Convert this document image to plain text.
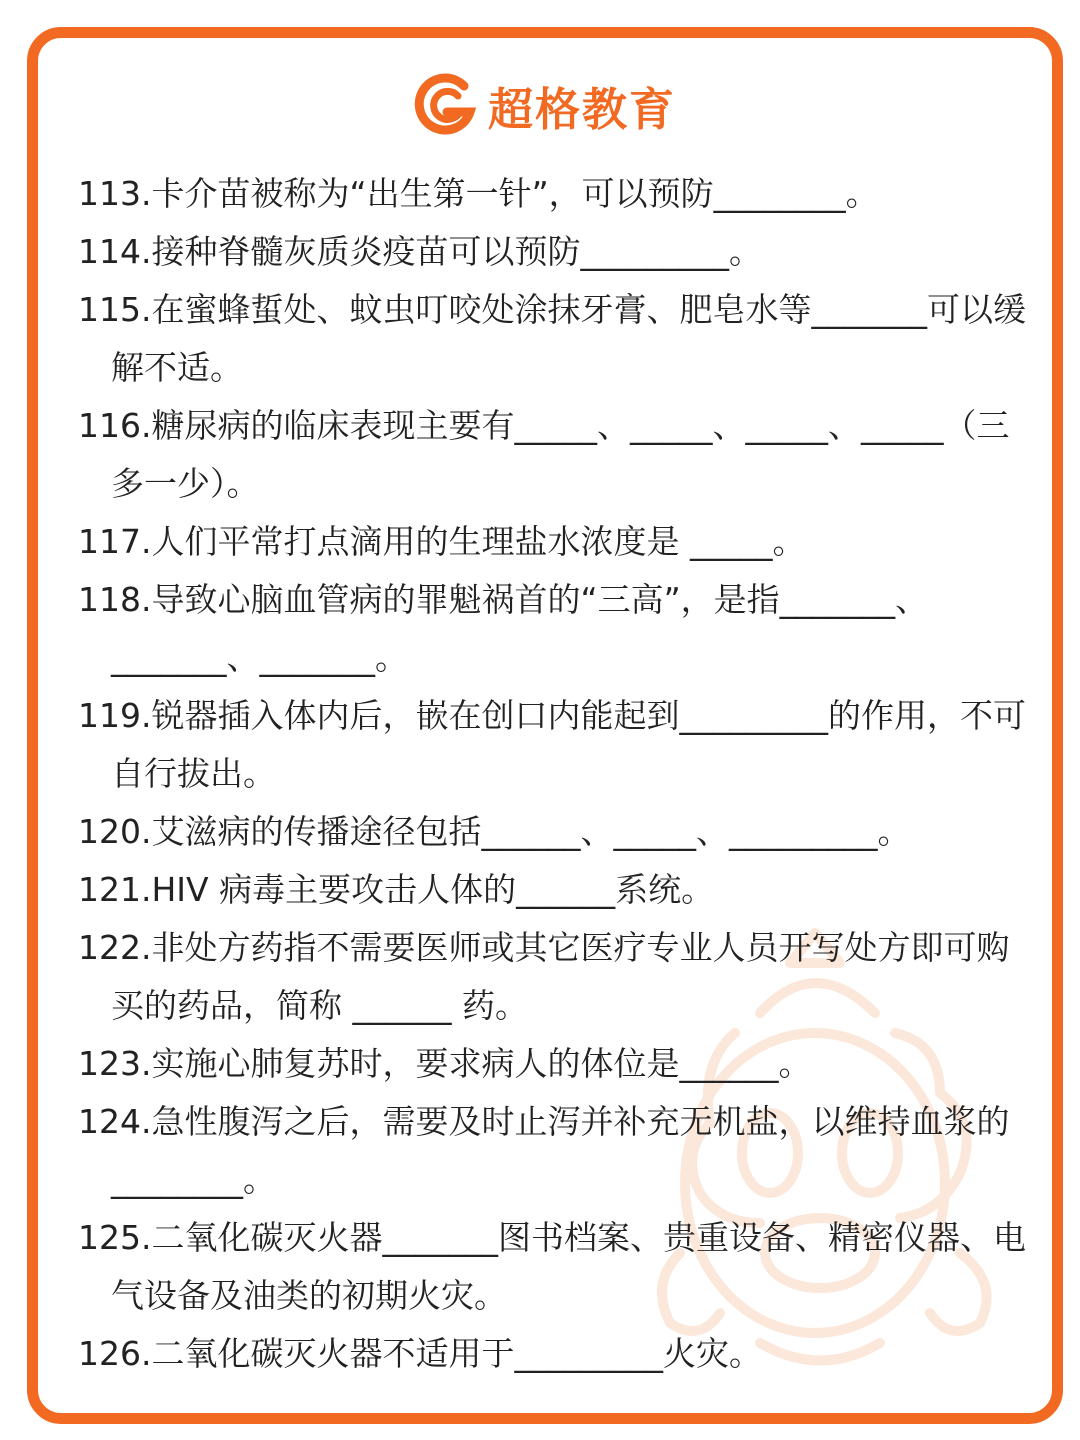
超格教育
113.卡介苗被称为“出生第一针”，可以预防________。
114.接种脊髓灰质炎疫苗可以预防_________。
115.在蜜蜂蜇处、蚊虫叮咬处涂抹牙膏、肥皂水等_______可以缓解不适。
116.糖尿病的临床表现主要有_____、_____、_____、_____（三多一少）。
117.人们平常打点滴用的生理盐水浓度是 _____。
118.导致心脑血管病的罪魁祸首的“三高”，是指_______、_______、_______。
119.锐器插入体内后，嵌在创口内能起到_________的作用，不可自行拔出。
120.艾滋病的传播途径包括______、_____、_________。
121.HIV 病毒主要攻击人体的______系统。
122.非处方药指不需要医师或其它医疗专业人员开写处方即可购买的药品，简称 ______ 药。
123.实施心肺复苏时，要求病人的体位是______。
124.急性腹泻之后，需要及时止泻并补充无机盐，以维持血浆的________。
125.二氧化碳灭火器_______图书档案、贵重设备、精密仪器、电气设备及油类的初期火灾。
126.二氧化碳灭火器不适用于_________火灾。
